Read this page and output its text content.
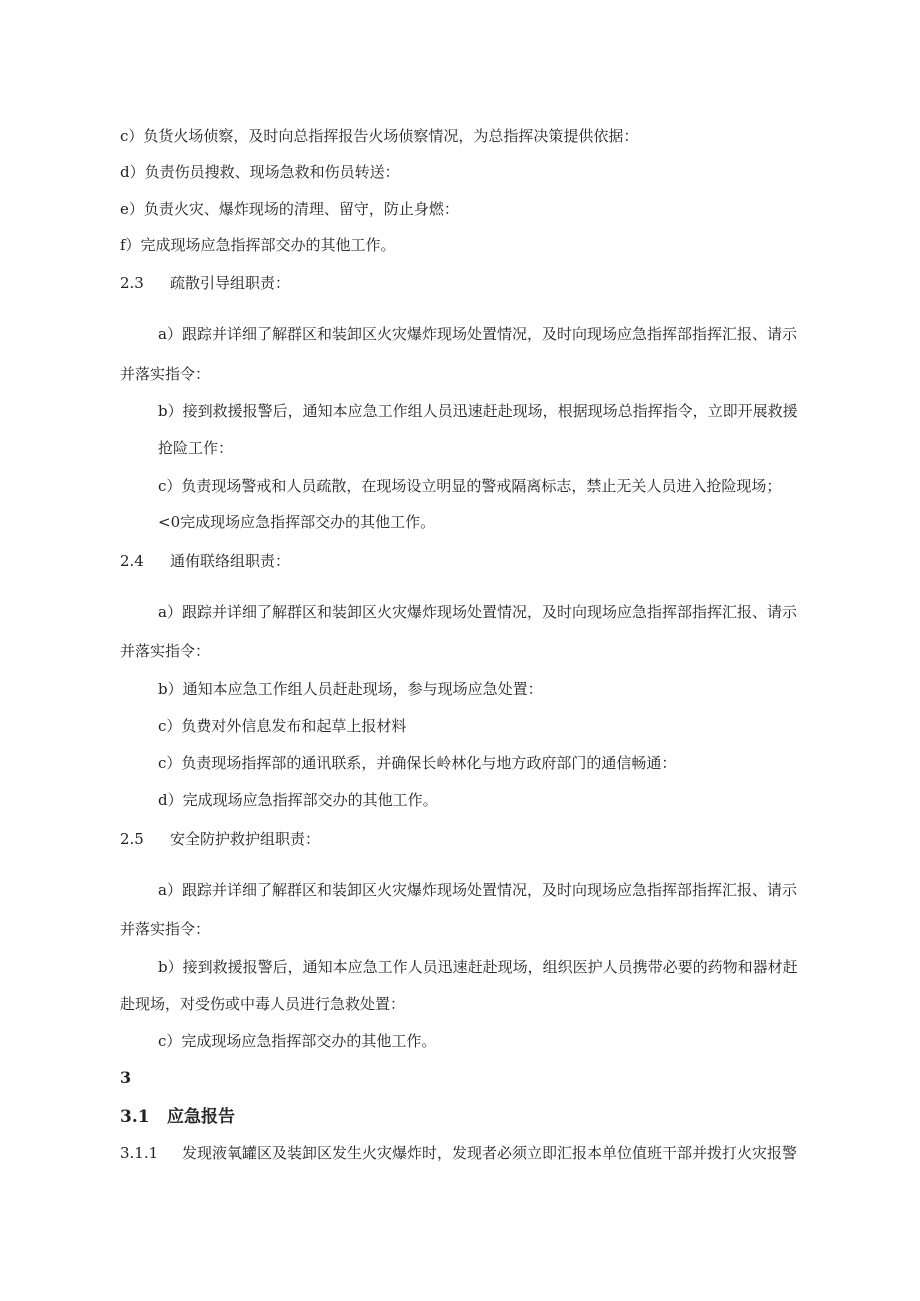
c）负货火场侦察，及时向总指挥报告火场侦察情况，为总指挥决策提供依据：
d）负责伤员搜救、现场急救和伤员转送：
e）负责火灾、爆炸现场的清理、留守，防止身燃：
f）完成现场应急指挥部交办的其他工作。
2.3 疏散引导组职责：
a）跟踪并详细了解群区和装卸区火灾爆炸现场处置情况，及时向现场应急指挥部指挥汇报、请示
并落实指令：
b）接到救援报警后，通知本应急工作组人员迅速赶赴现场，根据现场总指挥指令，立即开展救援
抢险工作：
c）负责现场警戒和人员疏散，在现场设立明显的警戒隔离标志，禁止无关人员进入抢险现场；
<0完成现场应急指挥部交办的其他工作。
2.4 通侑联络组职责：
a）跟踪并详细了解群区和装卸区火灾爆炸现场处置情况，及时向现场应急指挥部指挥汇报、请示
并落实指令：
b）通知本应急工作组人员赶赴现场，参与现场应急处置：
c）负费对外信息发布和起草上报材料
c）负责现场指挥部的通讯联系，并确保长岭林化与地方政府部门的通信畅通：
d）完成现场应急指挥部交办的其他工作。
2.5 安全防护救护组职责：
a）跟踪并详细了解群区和装卸区火灾爆炸现场处置情况，及时向现场应急指挥部指挥汇报、请示
并落实指令：
b）接到救援报警后，通知本应急工作人员迅速赶赴现场，组织医护人员携带必要的药物和器材赶
赴现场，对受伤或中毒人员进行急救处置：
c）完成现场应急指挥部交办的其他工作。
3
3.1 应急报告
3.1.1 发现液氧罐区及装卸区发生火灾爆炸时，发现者必须立即汇报本单位值班干部并拨打火灾报警
